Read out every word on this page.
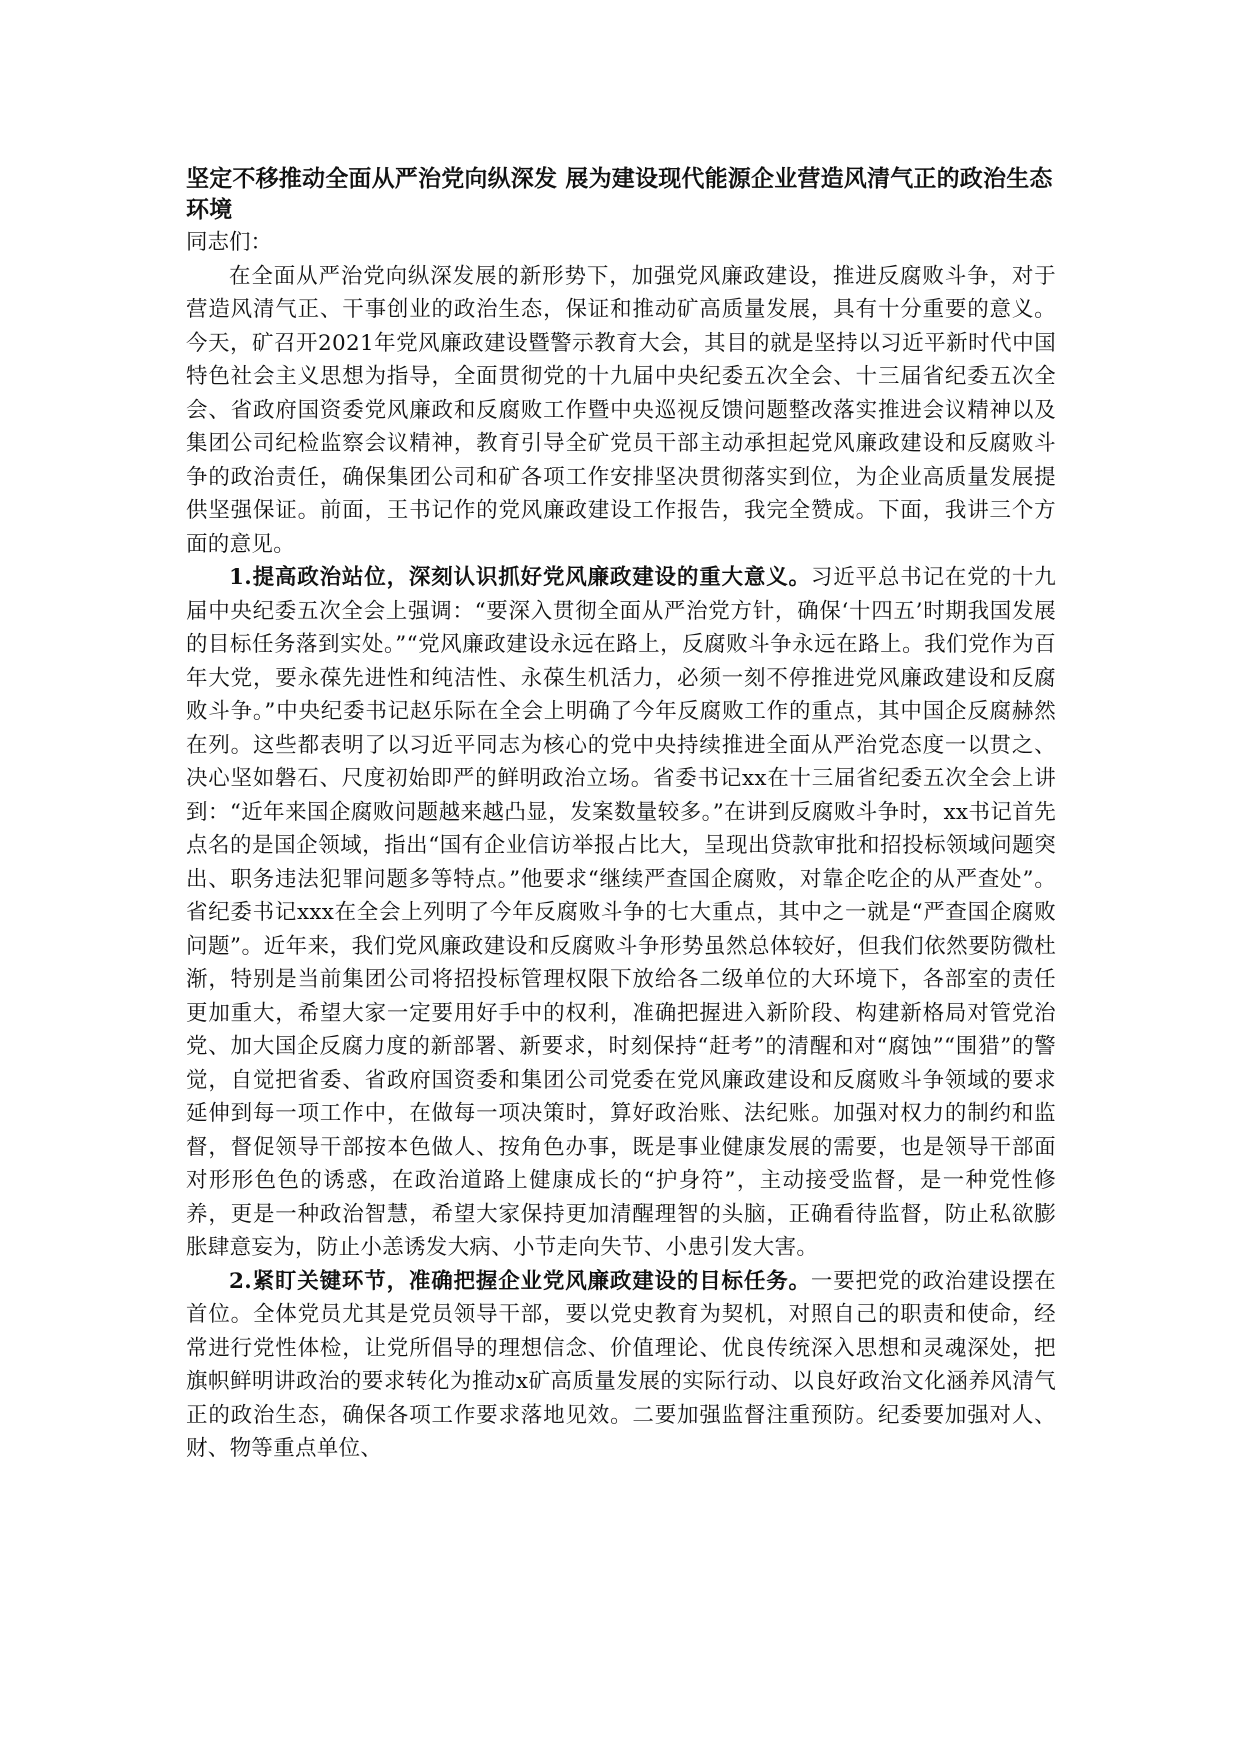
坚定不移推动全面从严治党向纵深发 展为建设现代能源企业营造风清气正的政治生态环境

同志们：

在全面从严治党向纵深发展的新形势下，加强党风廉政建设，推进反腐败斗争，对于营造风清气正、干事创业的政治生态，保证和推动矿高质量发展，具有十分重要的意义。今天，矿召开2021年党风廉政建设暨警示教育大会，其目的就是坚持以习近平新时代中国特色社会主义思想为指导，全面贯彻党的十九届中央纪委五次全会、十三届省纪委五次全会、省政府国资委党风廉政和反腐败工作暨中央巡视反馈问题整改落实推进会议精神以及集团公司纪检监察会议精神，教育引导全矿党员干部主动承担起党风廉政建设和反腐败斗争的政治责任，确保集团公司和矿各项工作安排坚决贯彻落实到位，为企业高质量发展提供坚强保证。前面，王书记作的党风廉政建设工作报告，我完全赞成。下面，我讲三个方面的意见。

1.提高政治站位，深刻认识抓好党风廉政建设的重大意义。习近平总书记在党的十九届中央纪委五次全会上强调：“要深入贯彻全面从严治党方针，确保‘十四五’时期我国发展的目标任务落到实处。”“党风廉政建设永远在路上，反腐败斗争永远在路上。我们党作为百年大党，要永葆先进性和纯洁性、永葆生机活力，必须一刻不停推进党风廉政建设和反腐败斗争。”中央纪委书记赵乐际在全会上明确了今年反腐败工作的重点，其中国企反腐赫然在列。这些都表明了以习近平同志为核心的党中央持续推进全面从严治党态度一以贯之、决心坚如磐石、尺度初始即严的鲜明政治立场。省委书记xx在十三届省纪委五次全会上讲到：“近年来国企腐败问题越来越凸显，发案数量较多。”在讲到反腐败斗争时，xx书记首先点名的是国企领域，指出“国有企业信访举报占比大，呈现出贷款审批和招投标领域问题突出、职务违法犯罪问题多等特点。”他要求“继续严查国企腐败，对靠企吃企的从严查处”。省纪委书记xxx在全会上列明了今年反腐败斗争的七大重点，其中之一就是“严查国企腐败问题”。近年来，我们党风廉政建设和反腐败斗争形势虽然总体较好，但我们依然要防微杜渐，特别是当前集团公司将招投标管理权限下放给各二级单位的大环境下，各部室的责任更加重大，希望大家一定要用好手中的权利，准确把握进入新阶段、构建新格局对管党治党、加大国企反腐力度的新部署、新要求，时刻保持“赶考”的清醒和对“腐蚀”“围猎”的警觉，自觉把省委、省政府国资委和集团公司党委在党风廉政建设和反腐败斗争领域的要求延伸到每一项工作中，在做每一项决策时，算好政治账、法纪账。加强对权力的制约和监督，督促领导干部按本色做人、按角色办事，既是事业健康发展的需要，也是领导干部面对形形色色的诱惑，在政治道路上健康成长的“护身符”，主动接受监督，是一种党性修养，更是一种政治智慧，希望大家保持更加清醒理智的头脑，正确看待监督，防止私欲膨胀肆意妄为，防止小恙诱发大病、小节走向失节、小患引发大害。

2.紧盯关键环节，准确把握企业党风廉政建设的目标任务。一要把党的政治建设摆在首位。全体党员尤其是党员领导干部，要以党史教育为契机，对照自己的职责和使命，经常进行党性体检，让党所倡导的理想信念、价值理论、优良传统深入思想和灵魂深处，把旗帜鲜明讲政治的要求转化为推动x矿高质量发展的实际行动、以良好政治文化涵养风清气正的政治生态，确保各项工作要求落地见效。二要加强监督注重预防。纪委要加强对人、财、物等重点单位、
